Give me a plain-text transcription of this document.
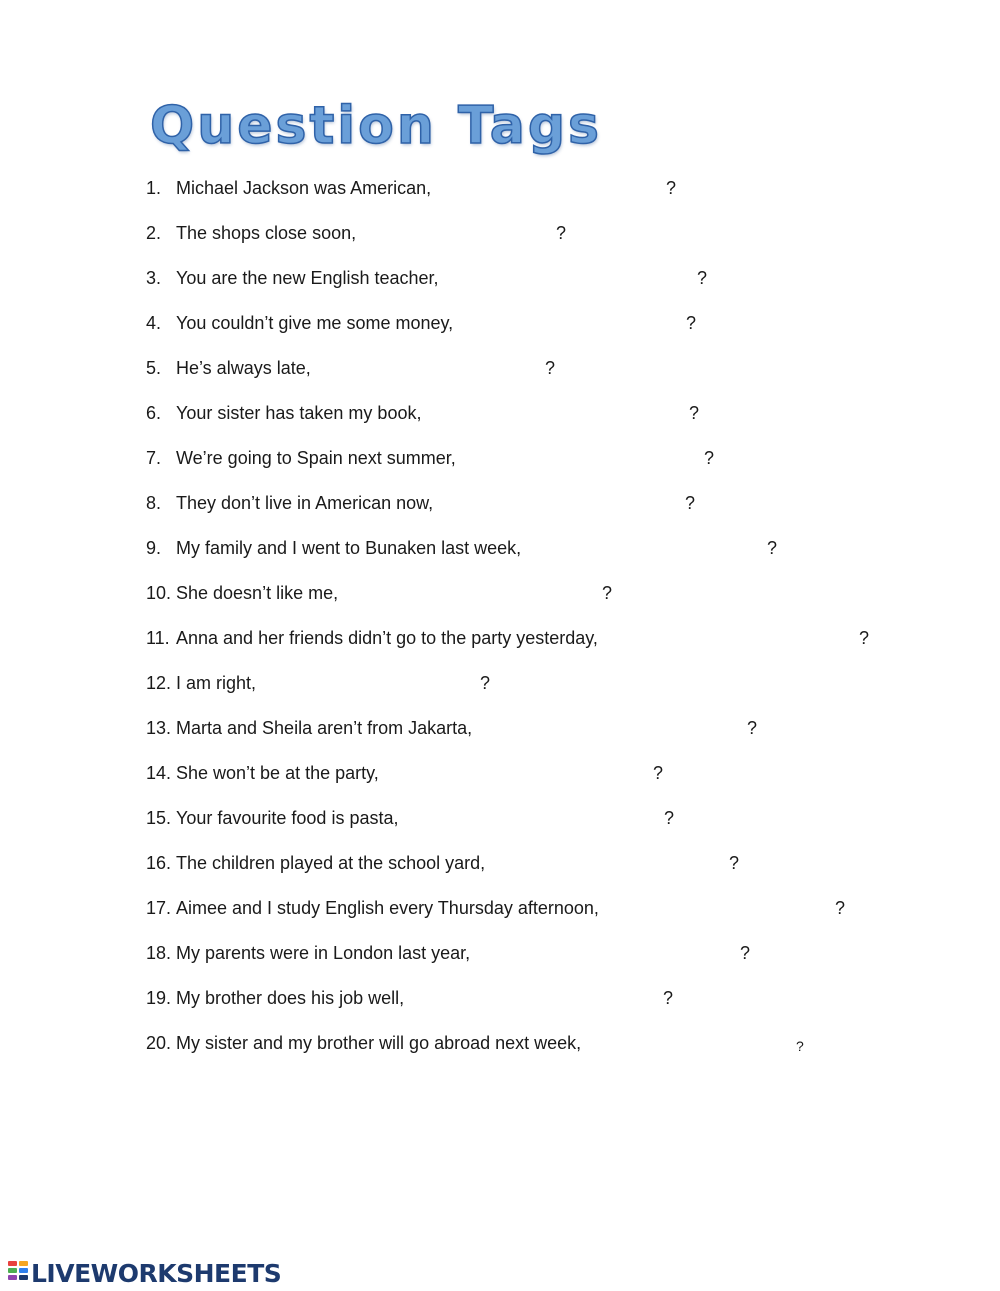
Question Tags
1. Michael Jackson was American,	?
2. The shops close soon,	?
3. You are the new English teacher,	?
4. You couldn’t give me some money,	?
5. He’s always late,	?
6. Your sister has taken my book,	?
7. We’re going to Spain next summer,	?
8. They don’t live in American now,	?
9. My family and I went to Bunaken last week,	?
10. She doesn’t like me,	?
11. Anna and her friends didn’t go to the party yesterday,	?
12. I am right,	?
13. Marta and Sheila aren’t from Jakarta,	?
14. She won’t be at the party,	?
15. Your favourite food is pasta,	?
16. The children played at the school yard,	?
17. Aimee and I study English every Thursday afternoon,	?
18. My parents were in London last year,	?
19. My brother does his job well,	?
20. My sister and my brother will go abroad next week,	?
LIVEWORKSHEETS
